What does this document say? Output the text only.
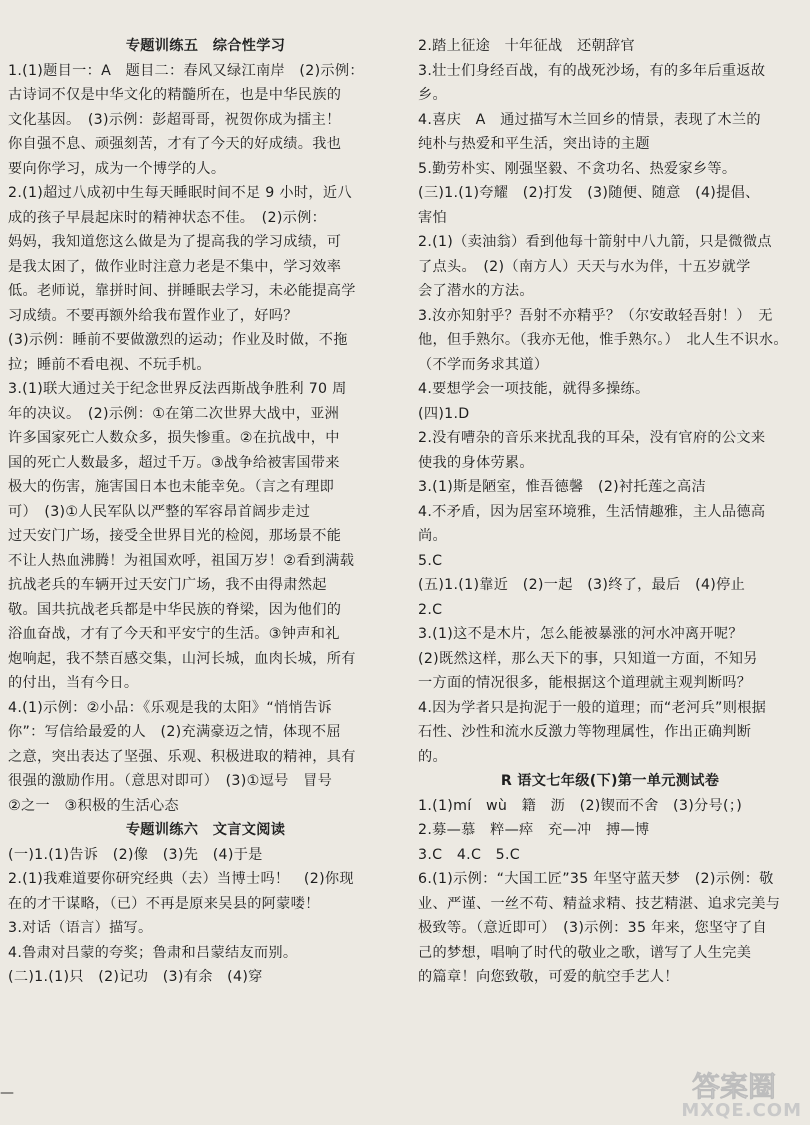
专题训练五　综合性学习
1.(1)题目一：A　题目二：春风又绿江南岸　(2)示例：
古诗词不仅是中华文化的精髓所在，也是中华民族的
文化基因。　(3)示例：彭超哥哥，祝贺你成为擂主！
你自强不息、顽强刻苦，才有了今天的好成绩。我也
要向你学习，成为一个博学的人。
2.(1)超过八成初中生每天睡眠时间不足 9 小时，近八
成的孩子早晨起床时的精神状态不佳。　(2)示例：
妈妈，我知道您这么做是为了提高我的学习成绩，可
是我太困了，做作业时注意力老是不集中，学习效率
低。老师说，靠拼时间、拼睡眠去学习，未必能提高学
习成绩。不要再额外给我布置作业了，好吗？
(3)示例：睡前不要做激烈的运动；作业及时做，不拖
拉；睡前不看电视、不玩手机。
3.(1)联大通过关于纪念世界反法西斯战争胜利 70 周
年的决议。　(2)示例：①在第二次世界大战中，亚洲
许多国家死亡人数众多，损失惨重。②在抗战中，中
国的死亡人数最多，超过千万。③战争给被害国带来
极大的伤害，施害国日本也未能幸免。（言之有理即
可）　(3)①人民军队以严整的军容昂首阔步走过
过天安门广场，接受全世界目光的检阅，那场景不能
不让人热血沸腾！为祖国欢呼，祖国万岁！②看到满载
抗战老兵的车辆开过天安门广场，我不由得肃然起
敬。国共抗战老兵都是中华民族的脊梁，因为他们的
浴血奋战，才有了今天和平安宁的生活。③钟声和礼
炮响起，我不禁百感交集，山河长城，血肉长城，所有
的付出，当有今日。
4.(1)示例：②小品：《乐观是我的太阳》“悄悄告诉
你”：写信给最爱的人　(2)充满豪迈之情，体现不屈
之意，突出表达了坚强、乐观、积极进取的精神，具有
很强的激励作用。（意思对即可）　(3)①逗号　冒号
②之一　③积极的生活心态
专题训练六　文言文阅读
(一)1.(1)告诉　(2)像　(3)先　(4)于是
2.(1)我难道要你研究经典（去）当博士吗！　(2)你现
在的才干谋略，（已）不再是原来吴县的阿蒙喽！
3.对话（语言）描写。
4.鲁肃对吕蒙的夸奖；鲁肃和吕蒙结友而别。
(二)1.(1)只　(2)记功　(3)有余　(4)穿
2.踏上征途　十年征战　还朝辞官
3.壮士们身经百战，有的战死沙场，有的多年后重返故
乡。
4.喜庆　A　通过描写木兰回乡的情景，表现了木兰的
纯朴与热爱和平生活，突出诗的主题
5.勤劳朴实、刚强坚毅、不贪功名、热爱家乡等。
(三)1.(1)夸耀　(2)打发　(3)随便、随意　(4)提倡、
害怕
2.(1)（卖油翁）看到他每十箭射中八九箭，只是微微点
了点头。　(2)（南方人）天天与水为伴，十五岁就学
会了潜水的方法。
3.汝亦知射乎？吾射不亦精乎？（尔安敢轻吾射！）　无
他，但手熟尔。（我亦无他，惟手熟尔。）　北人生不识水。
（不学而务求其道）
4.要想学会一项技能，就得多操练。
(四)1.D
2.没有嘈杂的音乐来扰乱我的耳朵，没有官府的公文来
使我的身体劳累。
3.(1)斯是陋室，惟吾德馨　(2)衬托莲之高洁
4.不矛盾，因为居室环境雅，生活情趣雅，主人品德高
尚。
5.C
(五)1.(1)靠近　(2)一起　(3)终了，最后　(4)停止
2.C
3.(1)这不是木片，怎么能被暴涨的河水冲离开呢？
(2)既然这样，那么天下的事，只知道一方面，不知另
一方面的情况很多，能根据这个道理就主观判断吗？
4.因为学者只是拘泥于一般的道理；而“老河兵”则根据
石性、沙性和流水反激力等物理属性，作出正确判断
的。
R 语文七年级(下)第一单元测试卷
1.(1)mí　wù　籍　沥　(2)锲而不舍　(3)分号(；)
2.募—慕　粹—瘁　充—冲　搏—博
3.C　4.C　5.C
6.(1)示例：“大国工匠”35 年坚守蓝天梦　(2)示例：敬
业、严谨、一丝不苟、精益求精、技艺精湛、追求完美与
极致等。（意近即可）　(3)示例：35 年来，您坚守了自
己的梦想，唱响了时代的敬业之歌，谱写了人生完美
的篇章！向您致敬，可爱的航空手艺人！
—	答案圈
MXQE.COM
